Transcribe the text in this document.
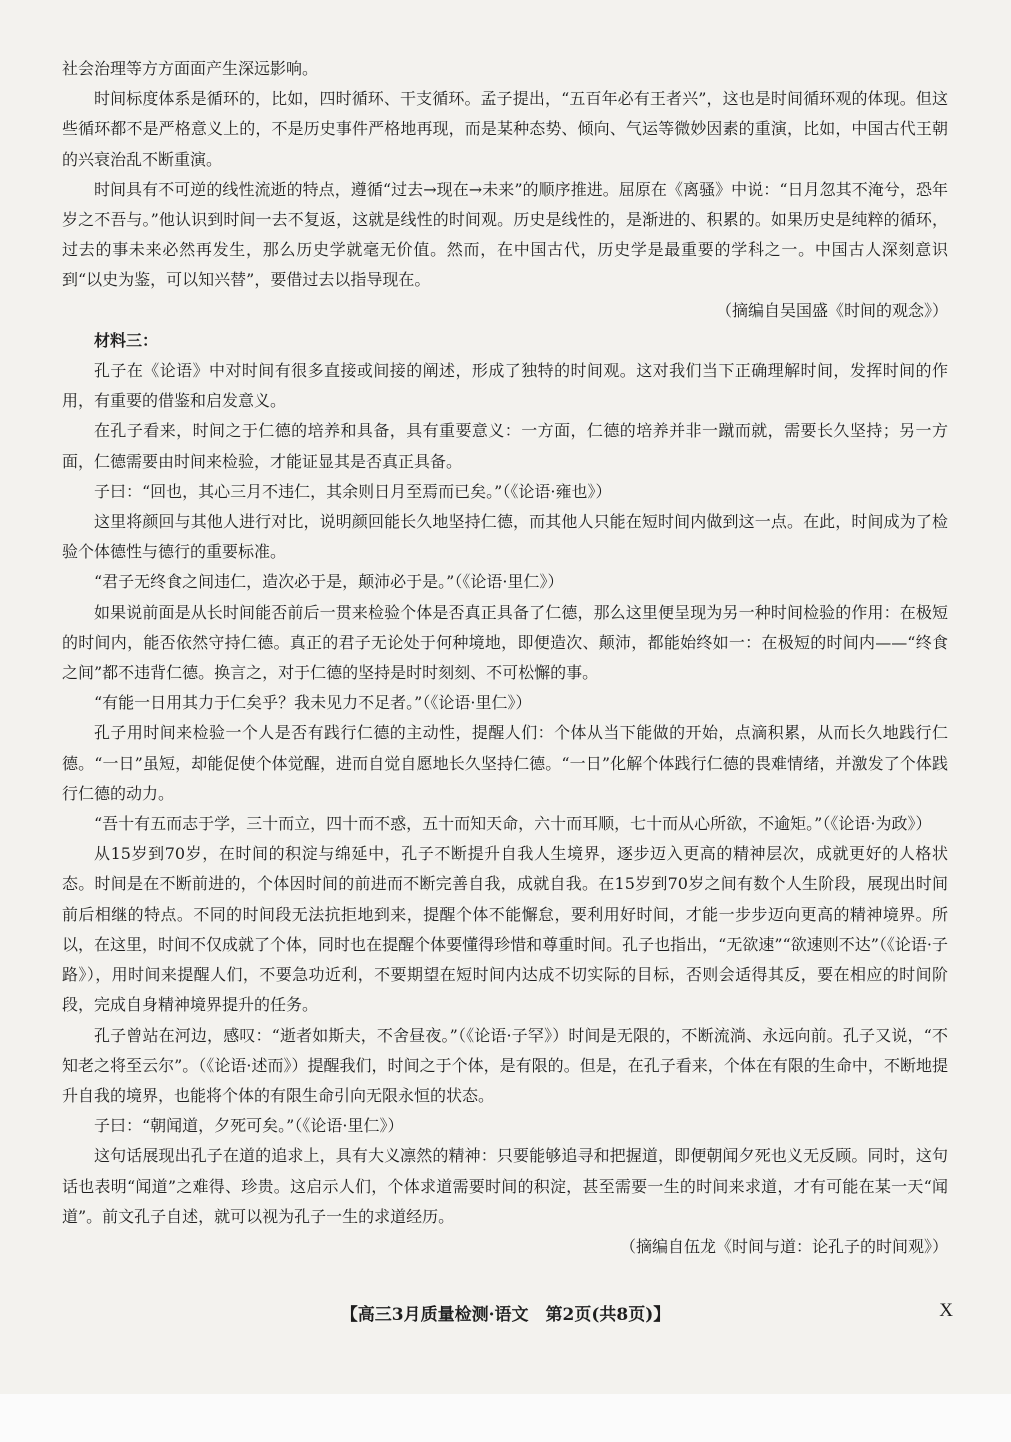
社会治理等方方面面产生深远影响。

时间标度体系是循环的，比如，四时循环、干支循环。孟子提出，“五百年必有王者兴”，这也是时间循环观的体现。但这些循环都不是严格意义上的，不是历史事件严格地再现，而是某种态势、倾向、气运等微妙因素的重演，比如，中国古代王朝的兴衰治乱不断重演。

时间具有不可逆的线性流逝的特点，遵循“过去→现在→未来”的顺序推进。屈原在《离骚》中说：“日月忽其不淹兮，恐年岁之不吾与。”他认识到时间一去不复返，这就是线性的时间观。历史是线性的，是渐进的、积累的。如果历史是纯粹的循环，过去的事未来必然再发生，那么历史学就毫无价值。然而，在中国古代，历史学是最重要的学科之一。中国古人深刻意识到“以史为鉴，可以知兴替”，要借过去以指导现在。

（摘编自吴国盛《时间的观念》）

材料三：

孔子在《论语》中对时间有很多直接或间接的阐述，形成了独特的时间观。这对我们当下正确理解时间，发挥时间的作用，有重要的借鉴和启发意义。

在孔子看来，时间之于仁德的培养和具备，具有重要意义：一方面，仁德的培养并非一蹴而就，需要长久坚持；另一方面，仁德需要由时间来检验，才能证显其是否真正具备。

子曰：“回也，其心三月不违仁，其余则日月至焉而已矣。”（《论语·雍也》）

这里将颜回与其他人进行对比，说明颜回能长久地坚持仁德，而其他人只能在短时间内做到这一点。在此，时间成为了检验个体德性与德行的重要标准。

“君子无终食之间违仁，造次必于是，颠沛必于是。”（《论语·里仁》）

如果说前面是从长时间能否前后一贯来检验个体是否真正具备了仁德，那么这里便呈现为另一种时间检验的作用：在极短的时间内，能否依然守持仁德。真正的君子无论处于何种境地，即便造次、颠沛，都能始终如一：在极短的时间内——“终食之间”都不违背仁德。换言之，对于仁德的坚持是时时刻刻、不可松懈的事。

“有能一日用其力于仁矣乎？我未见力不足者。”（《论语·里仁》）

孔子用时间来检验一个人是否有践行仁德的主动性，提醒人们：个体从当下能做的开始，点滴积累，从而长久地践行仁德。“一日”虽短，却能促使个体觉醒，进而自觉自愿地长久坚持仁德。“一日”化解个体践行仁德的畏难情绪，并激发了个体践行仁德的动力。

“吾十有五而志于学，三十而立，四十而不惑，五十而知天命，六十而耳顺，七十而从心所欲，不逾矩。”（《论语·为政》）

从15岁到70岁，在时间的积淀与绵延中，孔子不断提升自我人生境界，逐步迈入更高的精神层次，成就更好的人格状态。时间是在不断前进的，个体因时间的前进而不断完善自我，成就自我。在15岁到70岁之间有数个人生阶段，展现出时间前后相继的特点。不同的时间段无法抗拒地到来，提醒个体不能懈怠，要利用好时间，才能一步步迈向更高的精神境界。所以，在这里，时间不仅成就了个体，同时也在提醒个体要懂得珍惜和尊重时间。孔子也指出，“无欲速”“欲速则不达”（《论语·子路》），用时间来提醒人们，不要急功近利，不要期望在短时间内达成不切实际的目标，否则会适得其反，要在相应的时间阶段，完成自身精神境界提升的任务。

孔子曾站在河边，感叹：“逝者如斯夫，不舍昼夜。”（《论语·子罕》）时间是无限的，不断流淌、永远向前。孔子又说，“不知老之将至云尔”。（《论语·述而》）提醒我们，时间之于个体，是有限的。但是，在孔子看来，个体在有限的生命中，不断地提升自我的境界，也能将个体的有限生命引向无限永恒的状态。

子曰：“朝闻道，夕死可矣。”（《论语·里仁》）

这句话展现出孔子在道的追求上，具有大义凛然的精神：只要能够追寻和把握道，即便朝闻夕死也义无反顾。同时，这句话也表明“闻道”之难得、珍贵。这启示人们，个体求道需要时间的积淀，甚至需要一生的时间来求道，才有可能在某一天“闻道”。前文孔子自述，就可以视为孔子一生的求道经历。

（摘编自伍龙《时间与道：论孔子的时间观》）

【高三3月质量检测·语文　第2页(共8页)】	X
